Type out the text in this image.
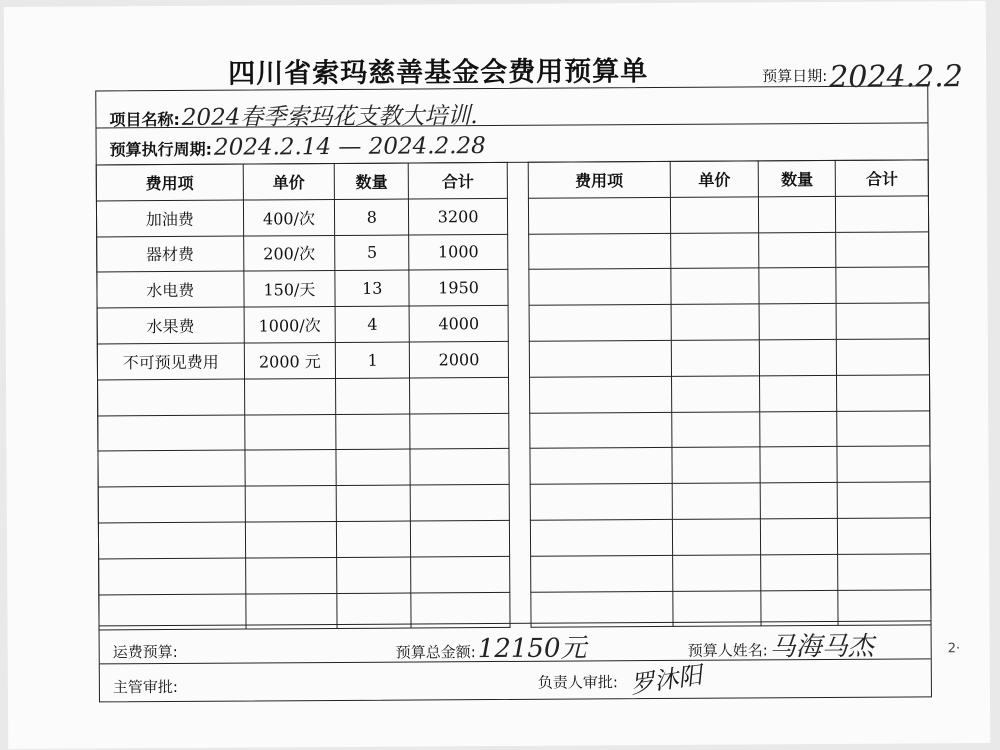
四川省索玛慈善基金会费用预算单	预算日期:2024.2.2
项目名称:2024春季索玛花支教大培训.
预算执行周期:2024.2.14 — 2024.2.28
费用项	单价	数量	合计
加油费	400/次	8	3200
器材费	200/次	5	1000
水电费	150/天	13	1950
水果费	1000/次	4	4000
不可预见费用	2000 元	1	2000

费用项	单价	数量	合计

运费预算:	预算总金额:12150元	预算人姓名:马海马杰
主管审批:	负责人审批: 罗沐阳
2·
